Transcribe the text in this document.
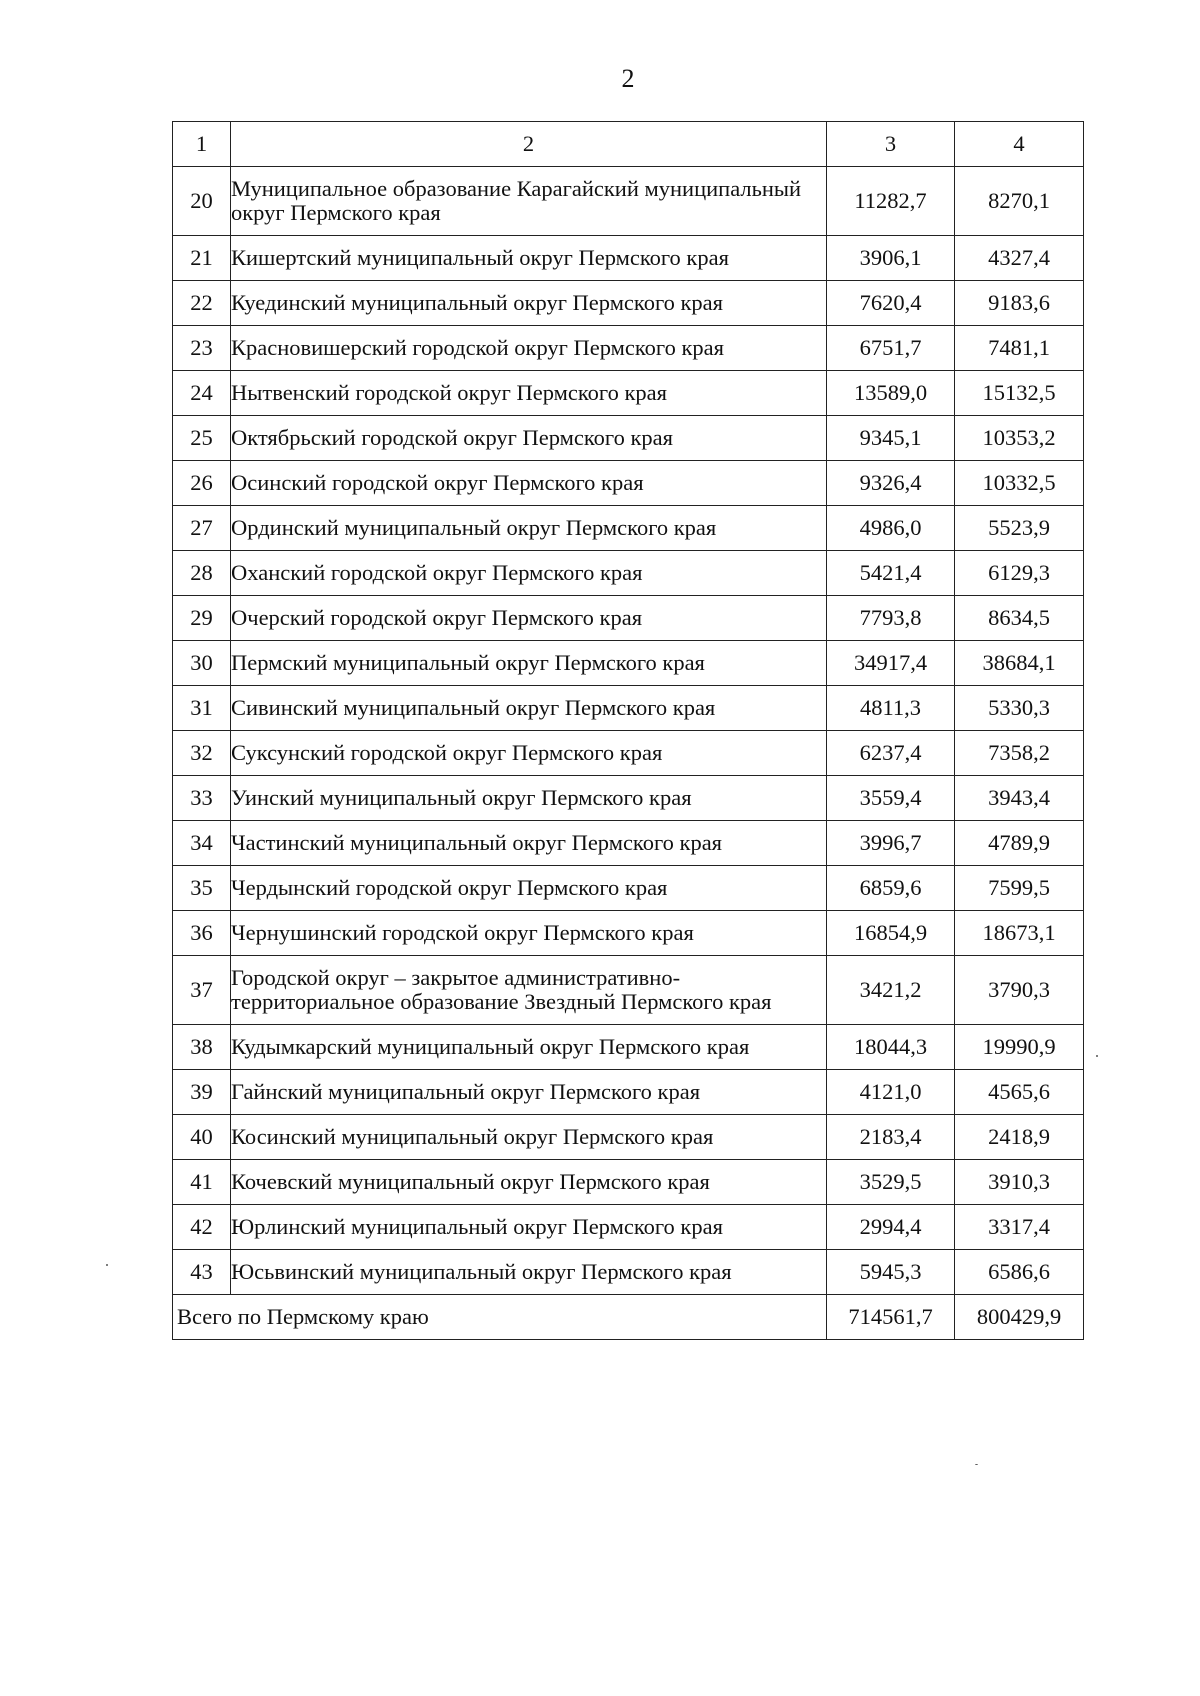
2
1	2	3	4
20	Муниципальное образование Карагайский муниципальный округ Пермского края	11282,7	8270,1
21	Кишертский муниципальный округ Пермского края	3906,1	4327,4
22	Куединский муниципальный округ Пермского края	7620,4	9183,6
23	Красновишерский городской округ Пермского края	6751,7	7481,1
24	Нытвенский городской округ Пермского края	13589,0	15132,5
25	Октябрьский городской округ Пермского края	9345,1	10353,2
26	Осинский городской округ Пермского края	9326,4	10332,5
27	Ординский муниципальный округ Пермского края	4986,0	5523,9
28	Оханский городской округ Пермского края	5421,4	6129,3
29	Очерский городской округ Пермского края	7793,8	8634,5
30	Пермский муниципальный округ Пермского края	34917,4	38684,1
31	Сивинский муниципальный округ Пермского края	4811,3	5330,3
32	Суксунский городской округ Пермского края	6237,4	7358,2
33	Уинский муниципальный округ Пермского края	3559,4	3943,4
34	Частинский муниципальный округ Пермского края	3996,7	4789,9
35	Чердынский городской округ Пермского края	6859,6	7599,5
36	Чернушинский городской округ Пермского края	16854,9	18673,1
37	Городской округ – закрытое административно-территориальное образование Звездный Пермского края	3421,2	3790,3
38	Кудымкарский муниципальный округ Пермского края	18044,3	19990,9
39	Гайнский муниципальный округ Пермского края	4121,0	4565,6
40	Косинский муниципальный округ Пермского края	2183,4	2418,9
41	Кочевский муниципальный округ Пермского края	3529,5	3910,3
42	Юрлинский муниципальный округ Пермского края	2994,4	3317,4
43	Юсьвинский муниципальный округ Пермского края	5945,3	6586,6
Всего по Пермскому краю		714561,7	800429,9
